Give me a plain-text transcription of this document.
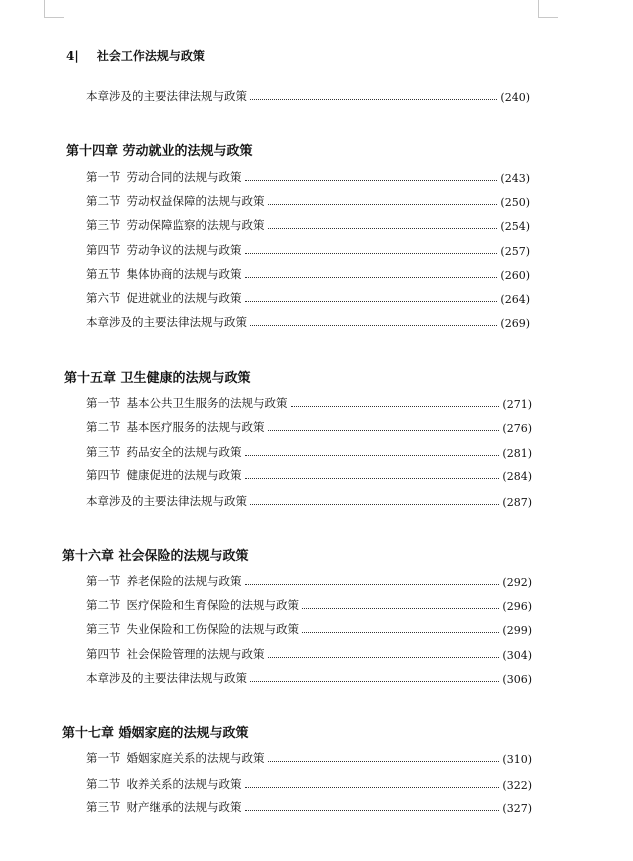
4| 社会工作法规与政策
本章涉及的主要法律法规与政策	(240)
第十四章 劳动就业的法规与政策
第一节 劳动合同的法规与政策	(243)
第二节 劳动权益保障的法规与政策	(250)
第三节 劳动保障监察的法规与政策	(254)
第四节 劳动争议的法规与政策	(257)
第五节 集体协商的法规与政策	(260)
第六节 促进就业的法规与政策	(264)
本章涉及的主要法律法规与政策	(269)
第十五章 卫生健康的法规与政策
第一节 基本公共卫生服务的法规与政策	(271)
第二节 基本医疗服务的法规与政策	(276)
第三节 药品安全的法规与政策	(281)
第四节 健康促进的法规与政策	(284)
本章涉及的主要法律法规与政策	(287)
第十六章 社会保险的法规与政策
第一节 养老保险的法规与政策	(292)
第二节 医疗保险和生育保险的法规与政策	(296)
第三节 失业保险和工伤保险的法规与政策	(299)
第四节 社会保险管理的法规与政策	(304)
本章涉及的主要法律法规与政策	(306)
第十七章 婚姻家庭的法规与政策
第一节 婚姻家庭关系的法规与政策	(310)
第二节 收养关系的法规与政策	(322)
第三节 财产继承的法规与政策	(327)
